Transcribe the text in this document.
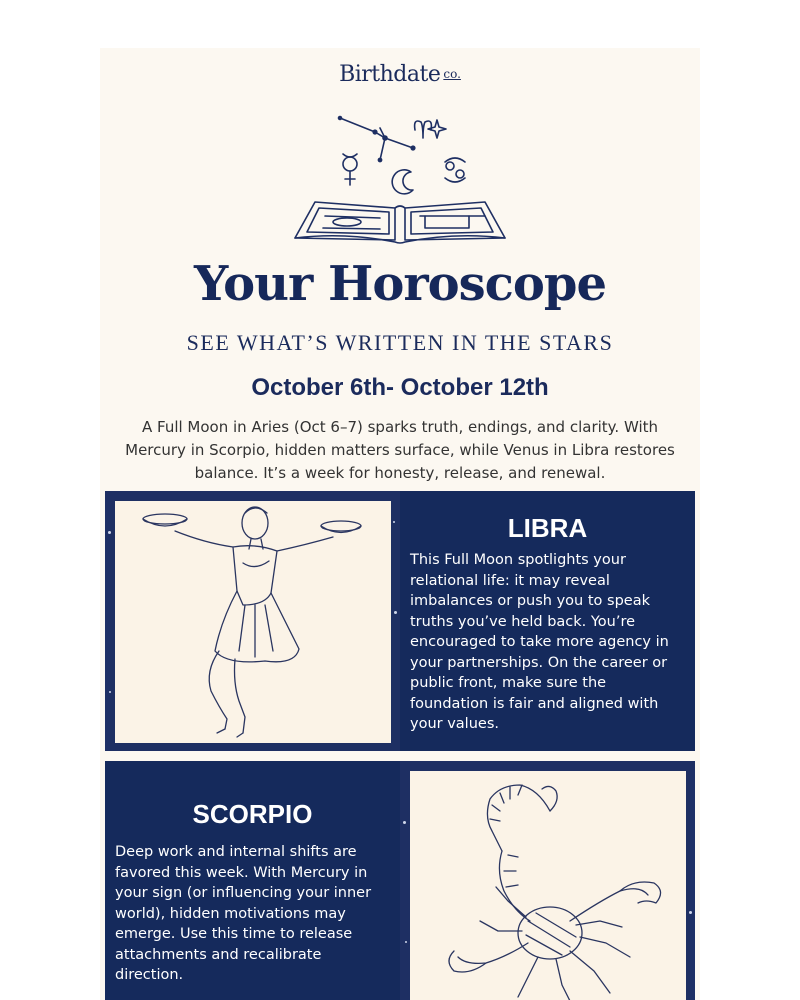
Birthdate co.
Your Horoscope
SEE WHAT’S WRITTEN IN THE STARS
October 6th- October 12th
A Full Moon in Aries (Oct 6–7) sparks truth, endings, and clarity. With Mercury in Scorpio, hidden matters surface, while Venus in Libra restores balance. It’s a week for honesty, release, and renewal.
LIBRA
This Full Moon spotlights your relational life: it may reveal imbalances or push you to speak truths you’ve held back. You’re encouraged to take more agency in your partnerships. On the career or public front, make sure the foundation is fair and aligned with your values.
SCORPIO
Deep work and internal shifts are favored this week. With Mercury in your sign (or influencing your inner world), hidden motivations may emerge. Use this time to release attachments and recalibrate direction.
